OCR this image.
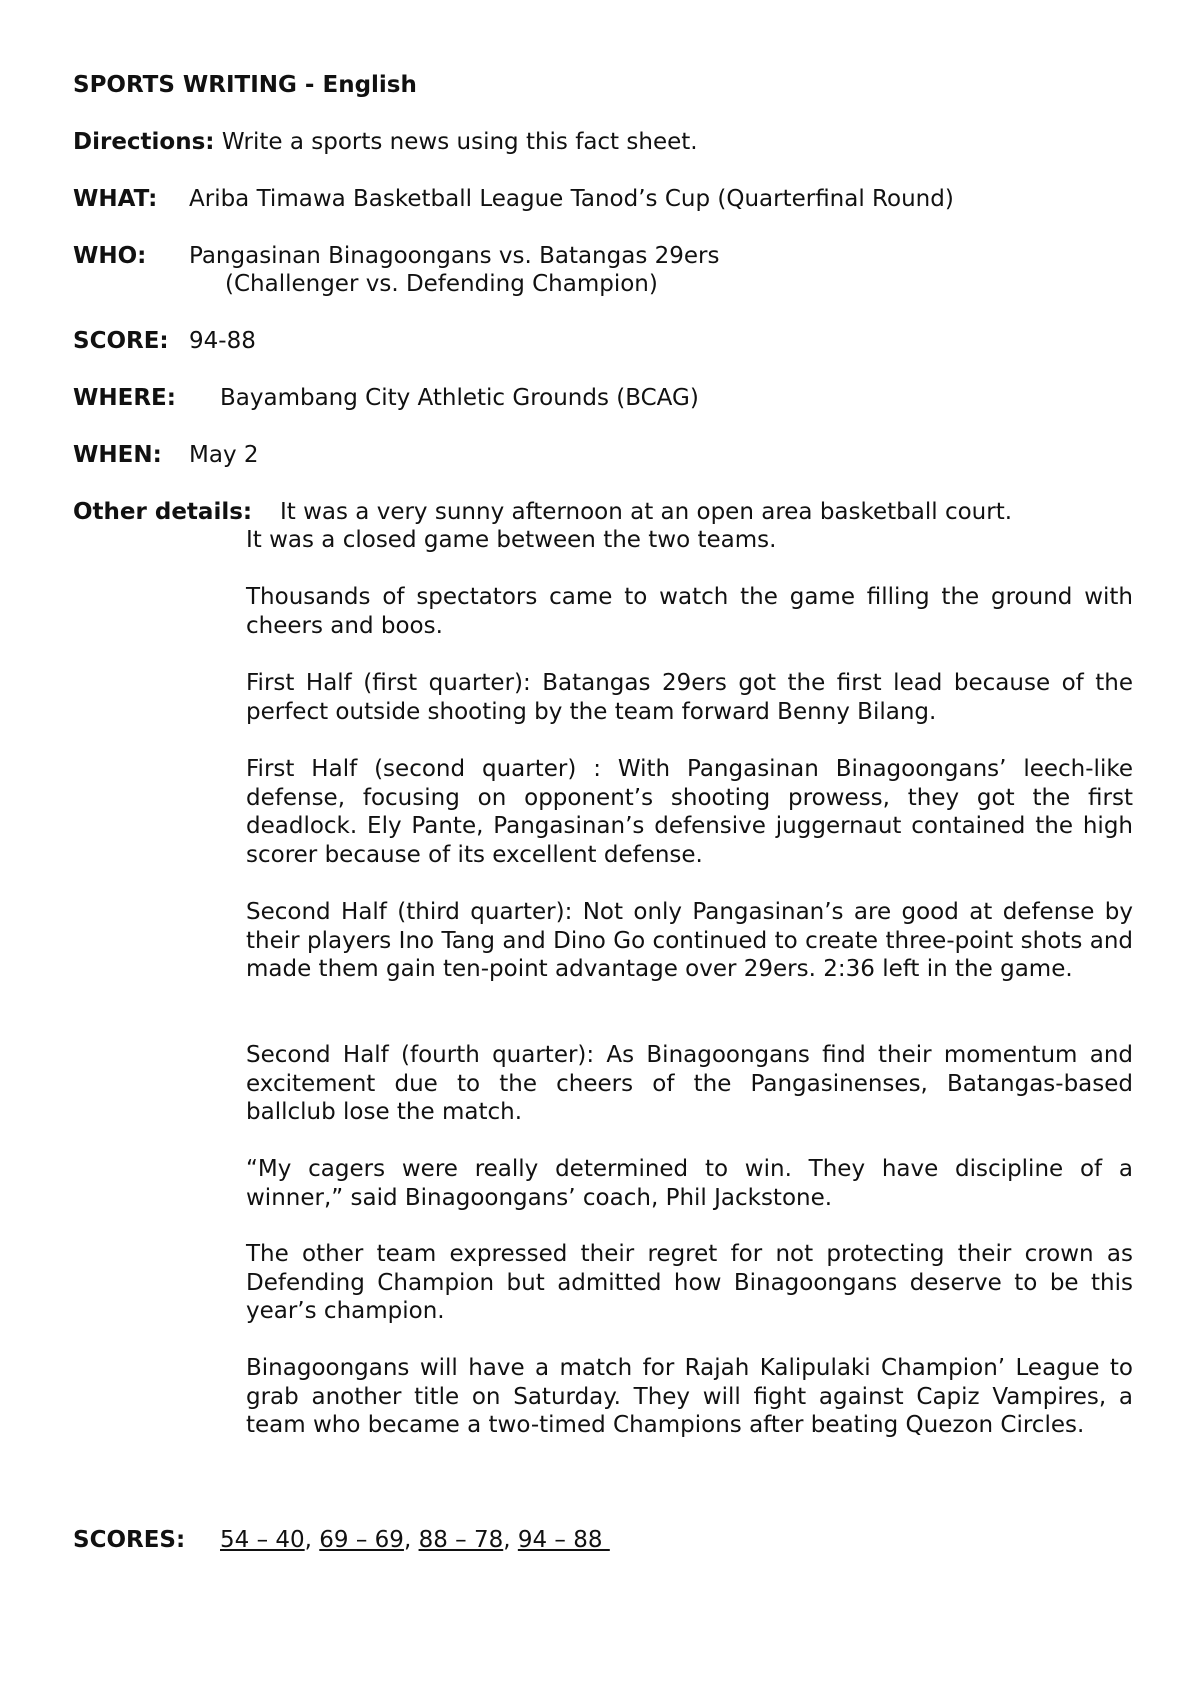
SPORTS WRITING - English
Directions: Write a sports news using this fact sheet.
WHAT: Ariba Timawa Basketball League Tanod’s Cup (Quarterfinal Round)
WHO: Pangasinan Binagoongans vs. Batangas 29ers
(Challenger vs. Defending Champion)
SCORE: 94-88
WHERE: Bayambang City Athletic Grounds (BCAG)
WHEN: May 2
Other details: It was a very sunny afternoon at an open area basketball court.
It was a closed game between the two teams.
Thousands of spectators came to watch the game filling the ground with cheers and boos.
First Half (first quarter): Batangas 29ers got the first lead because of the perfect outside shooting by the team forward Benny Bilang.
First Half (second quarter) : With Pangasinan Binagoongans’ leech-like defense, focusing on opponent’s shooting prowess, they got the first deadlock. Ely Pante, Pangasinan’s defensive juggernaut contained the high scorer because of its excellent defense.
Second Half (third quarter): Not only Pangasinan’s are good at defense by their players Ino Tang and Dino Go continued to create three-point shots and made them gain ten-point advantage over 29ers. 2:36 left in the game.
Second Half (fourth quarter): As Binagoongans find their momentum and excitement due to the cheers of the Pangasinenses, Batangas-based ballclub lose the match.
“My cagers were really determined to win. They have discipline of a winner,” said Binagoongans’ coach, Phil Jackstone.
The other team expressed their regret for not protecting their crown as Defending Champion but admitted how Binagoongans deserve to be this year’s champion.
Binagoongans will have a match for Rajah Kalipulaki Champion’ League to grab another title on Saturday. They will fight against Capiz Vampires, a team who became a two-timed Champions after beating Quezon Circles.
SCORES: 54 – 40, 69 – 69, 88 – 78, 94 – 88
